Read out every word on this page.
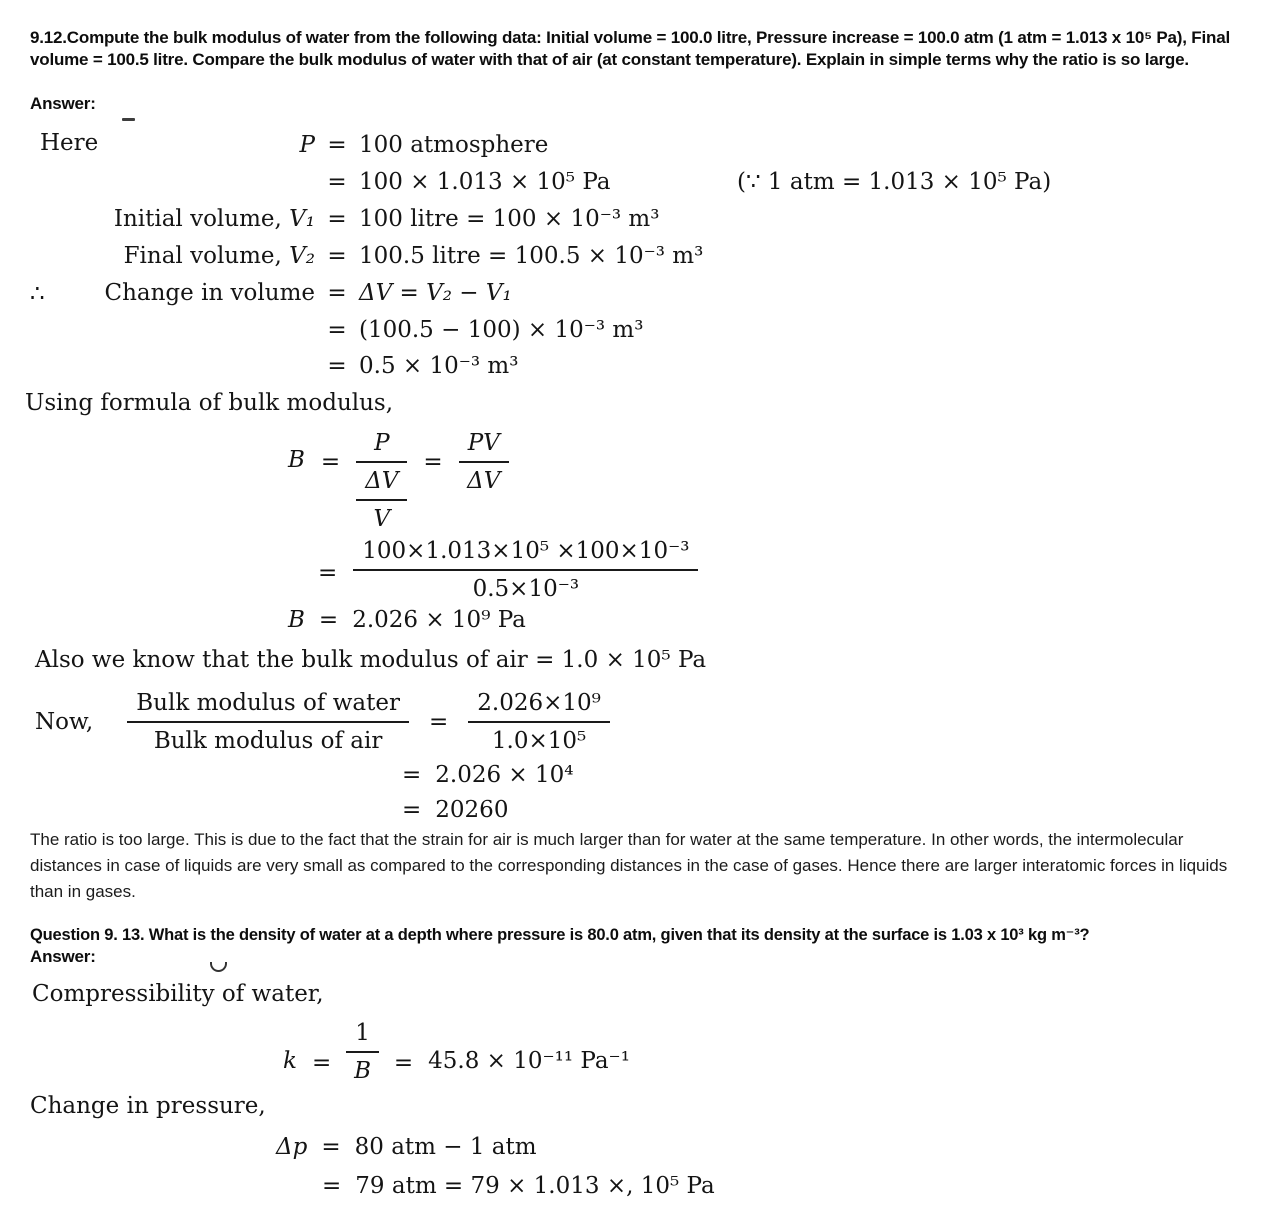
9.12.Compute the bulk modulus of water from the following data: Initial volume = 100.0 litre, Pressure increase = 100.0 atm (1 atm = 1.013 x 10⁵ Pa), Final volume = 100.5 litre. Compare the bulk modulus of water with that of air (at constant temperature). Explain in simple terms why the ratio is so large.
Answer:
Here	P = 100 atmosphere
= 100 × 1.013 × 10⁵ Pa	(∵ 1 atm = 1.013 × 10⁵ Pa)
Initial volume, V₁ = 100 litre = 100 × 10⁻³ m³
Final volume, V₂ = 100.5 litre = 100.5 × 10⁻³ m³
∴	Change in volume = ΔV = V₂ − V₁
= (100.5 − 100) × 10⁻³ m³
= 0.5 × 10⁻³ m³
Using formula of bulk modulus,
$B = \frac{P}{\frac{\Delta V}{V}} = \frac{PV}{\Delta V}$
= $\frac{\text{100×1.013×10⁵ ×100×10⁻³}}{\text{0.5×10⁻³}}$
B = 2.026 × 10⁹ Pa
Also we know that the bulk modulus of air = 1.0 × 10⁵ Pa
Now, $\frac{\text{Bulk modulus of water}}{\text{Bulk modulus of air}} = \frac{\text{2.026×10⁹}}{\text{1.0×10⁵}}$
= 2.026 × 10⁴
= 20260
The ratio is too large. This is due to the fact that the strain for air is much larger than for water at the same temperature. In other words, the intermolecular distances in case of liquids are very small as compared to the corresponding distances in the case of gases. Hence there are larger interatomic forces in liquids than in gases.
Question 9. 13. What is the density of water at a depth where pressure is 80.0 atm, given that its density at the surface is 1.03 x 10³ kg m⁻³?
Answer:
Compressibility of water,
$k = \frac{1}{B} = 45.8 \times 10^{-11}$ Pa⁻¹
Change in pressure,
Δp = 80 atm − 1 atm
= 79 atm = 79 × 1.013 ×, 10⁵ Pa
